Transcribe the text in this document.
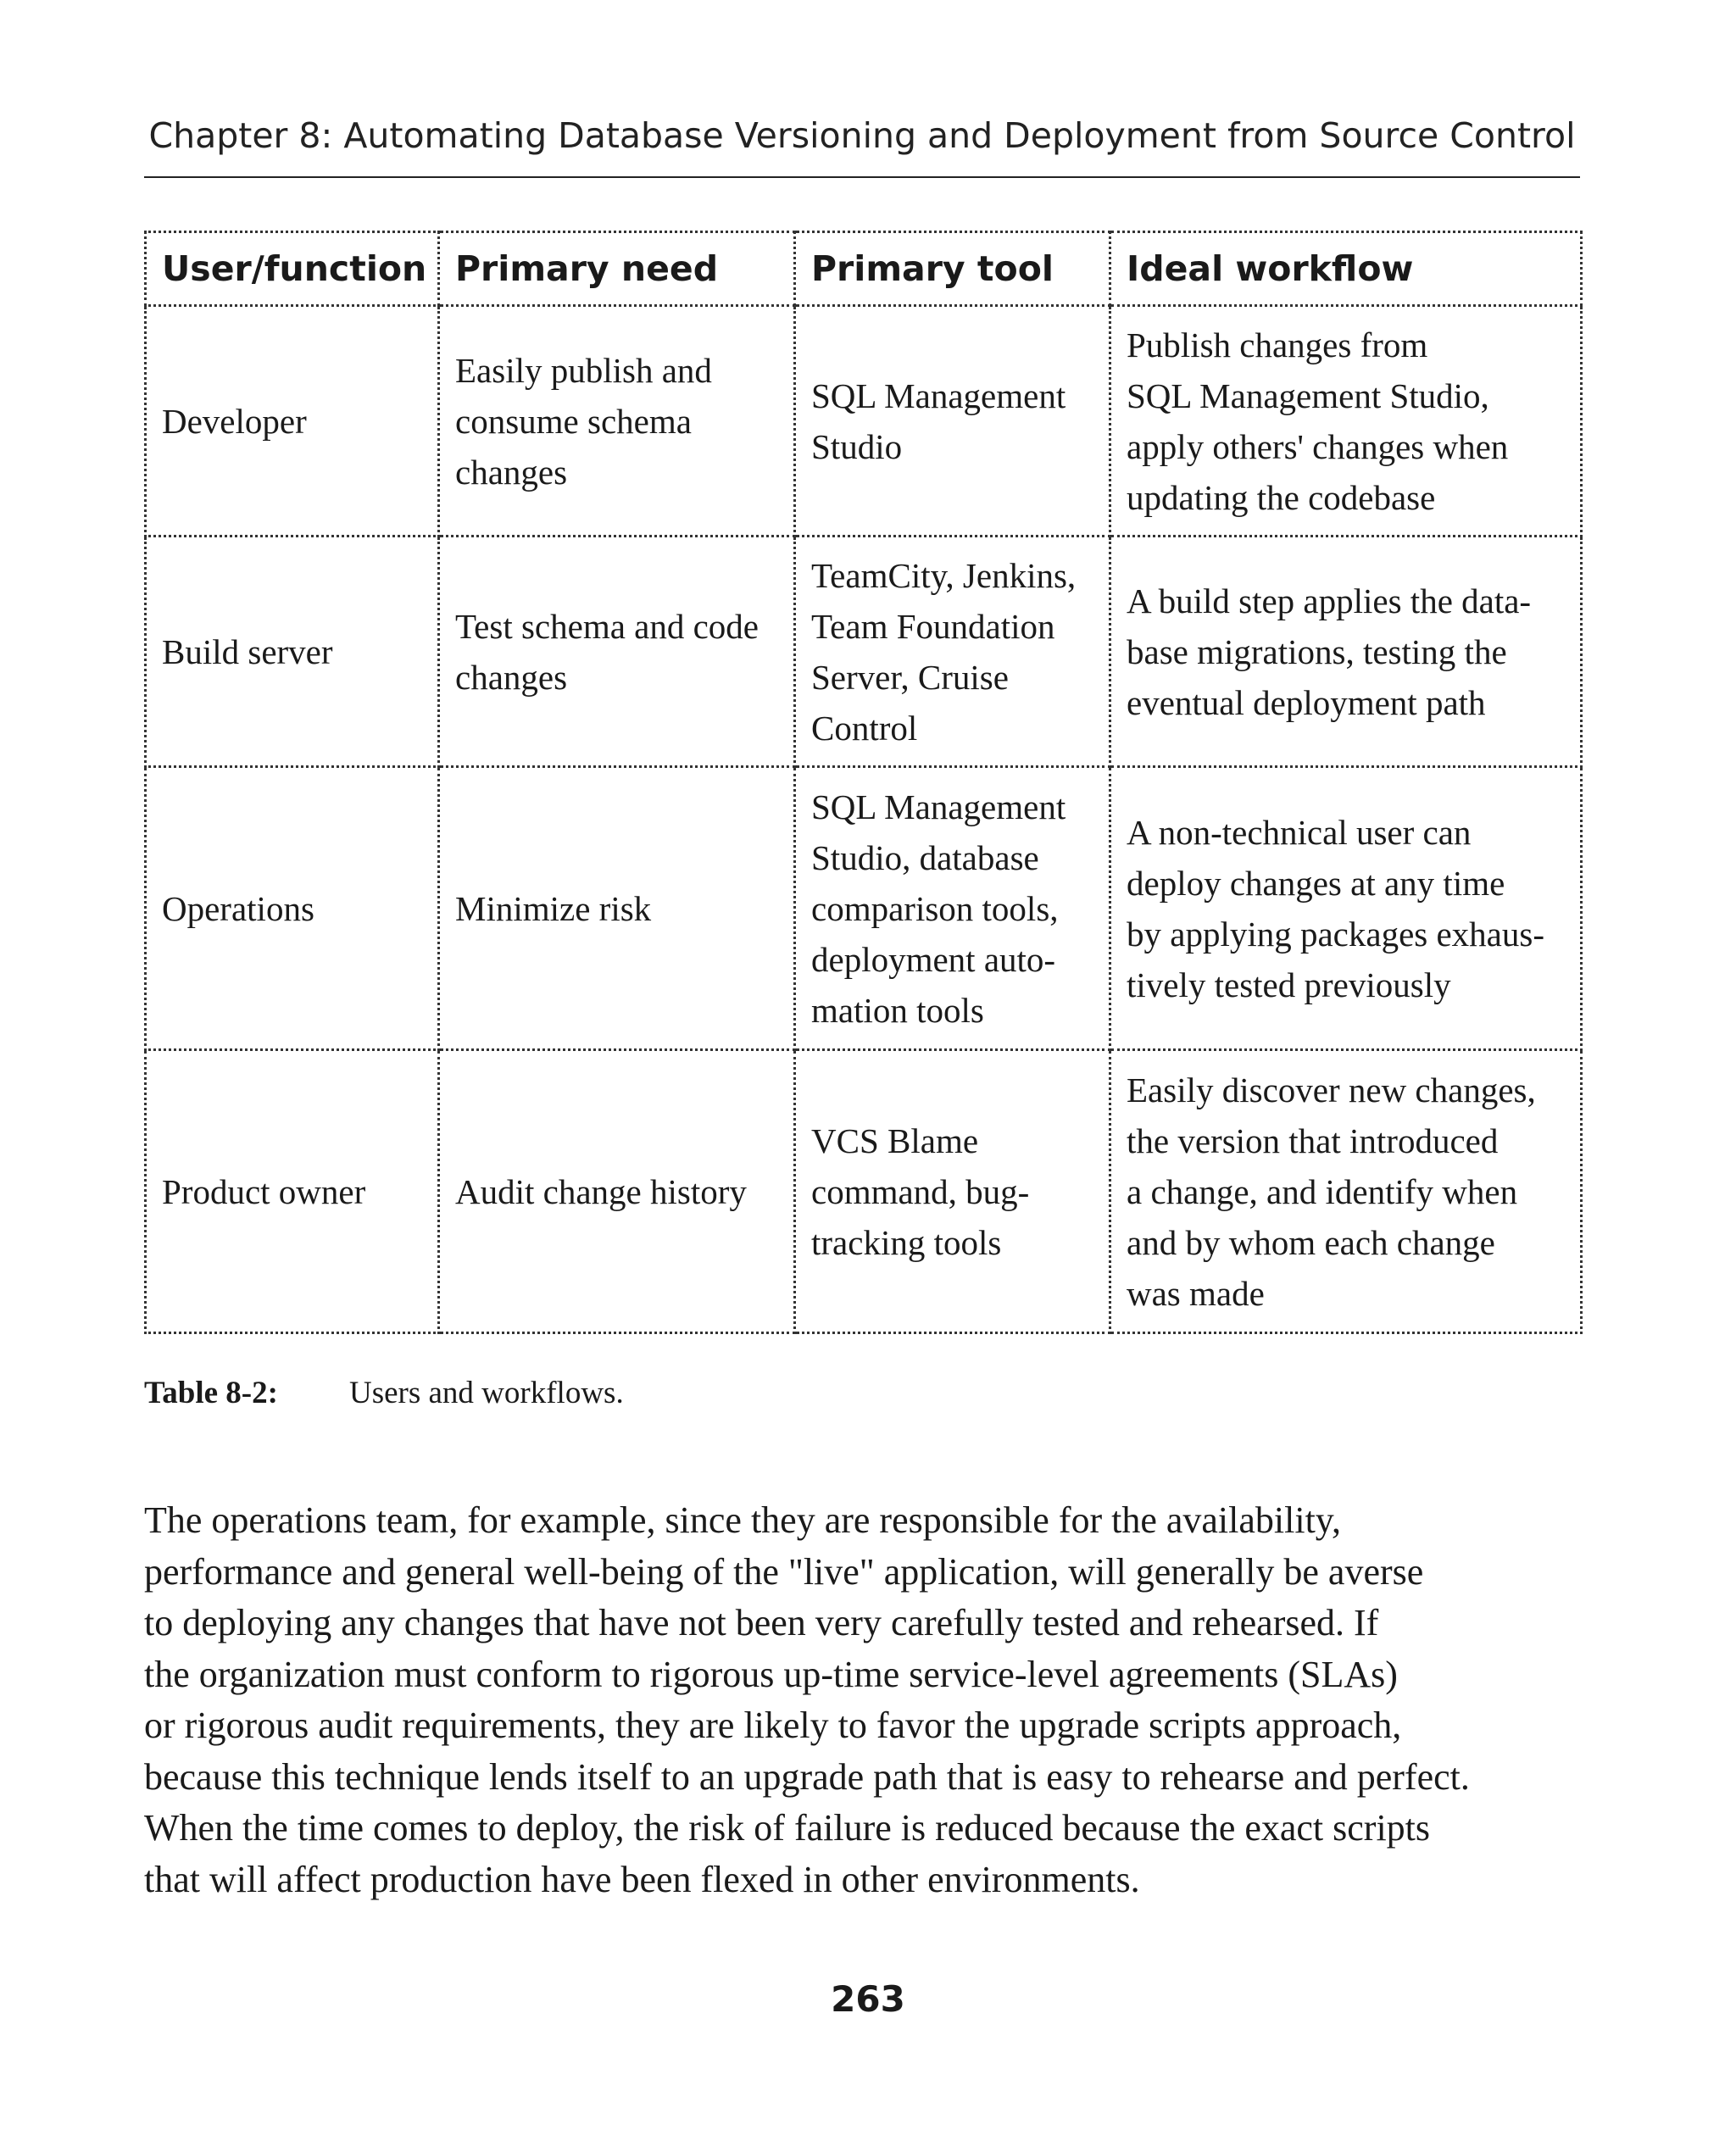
Chapter 8: Automating Database Versioning and Deployment from Source Control
User/function	Primary need	Primary tool	Ideal workflow

Developer	Easily publish and
consume schema
changes	SQL Management
Studio	Publish changes from
SQL Management Studio,
apply others' changes when
updating the codebase

Build server	Test schema and code
changes	TeamCity, Jenkins,
Team Foundation
Server, Cruise
Control	A build step applies the data-
base migrations, testing the
eventual deployment path

Operations	Minimize risk	SQL Management
Studio, database
comparison tools,
deployment auto-
mation tools	A non-technical user can
deploy changes at any time
by applying packages exhaus-
tively tested previously

Product owner	Audit change history	VCS Blame
command, bug-
tracking tools	Easily discover new changes,
the version that introduced
a change, and identify when
and by whom each change
was made
Table 8-2: Users and workflows.
The operations team, for example, since they are responsible for the availability,
performance and general well-being of the "live" application, will generally be averse
to deploying any changes that have not been very carefully tested and rehearsed. If
the organization must conform to rigorous up-time service-level agreements (SLAs)
or rigorous audit requirements, they are likely to favor the upgrade scripts approach,
because this technique lends itself to an upgrade path that is easy to rehearse and perfect.
When the time comes to deploy, the risk of failure is reduced because the exact scripts
that will affect production have been flexed in other environments.
263
